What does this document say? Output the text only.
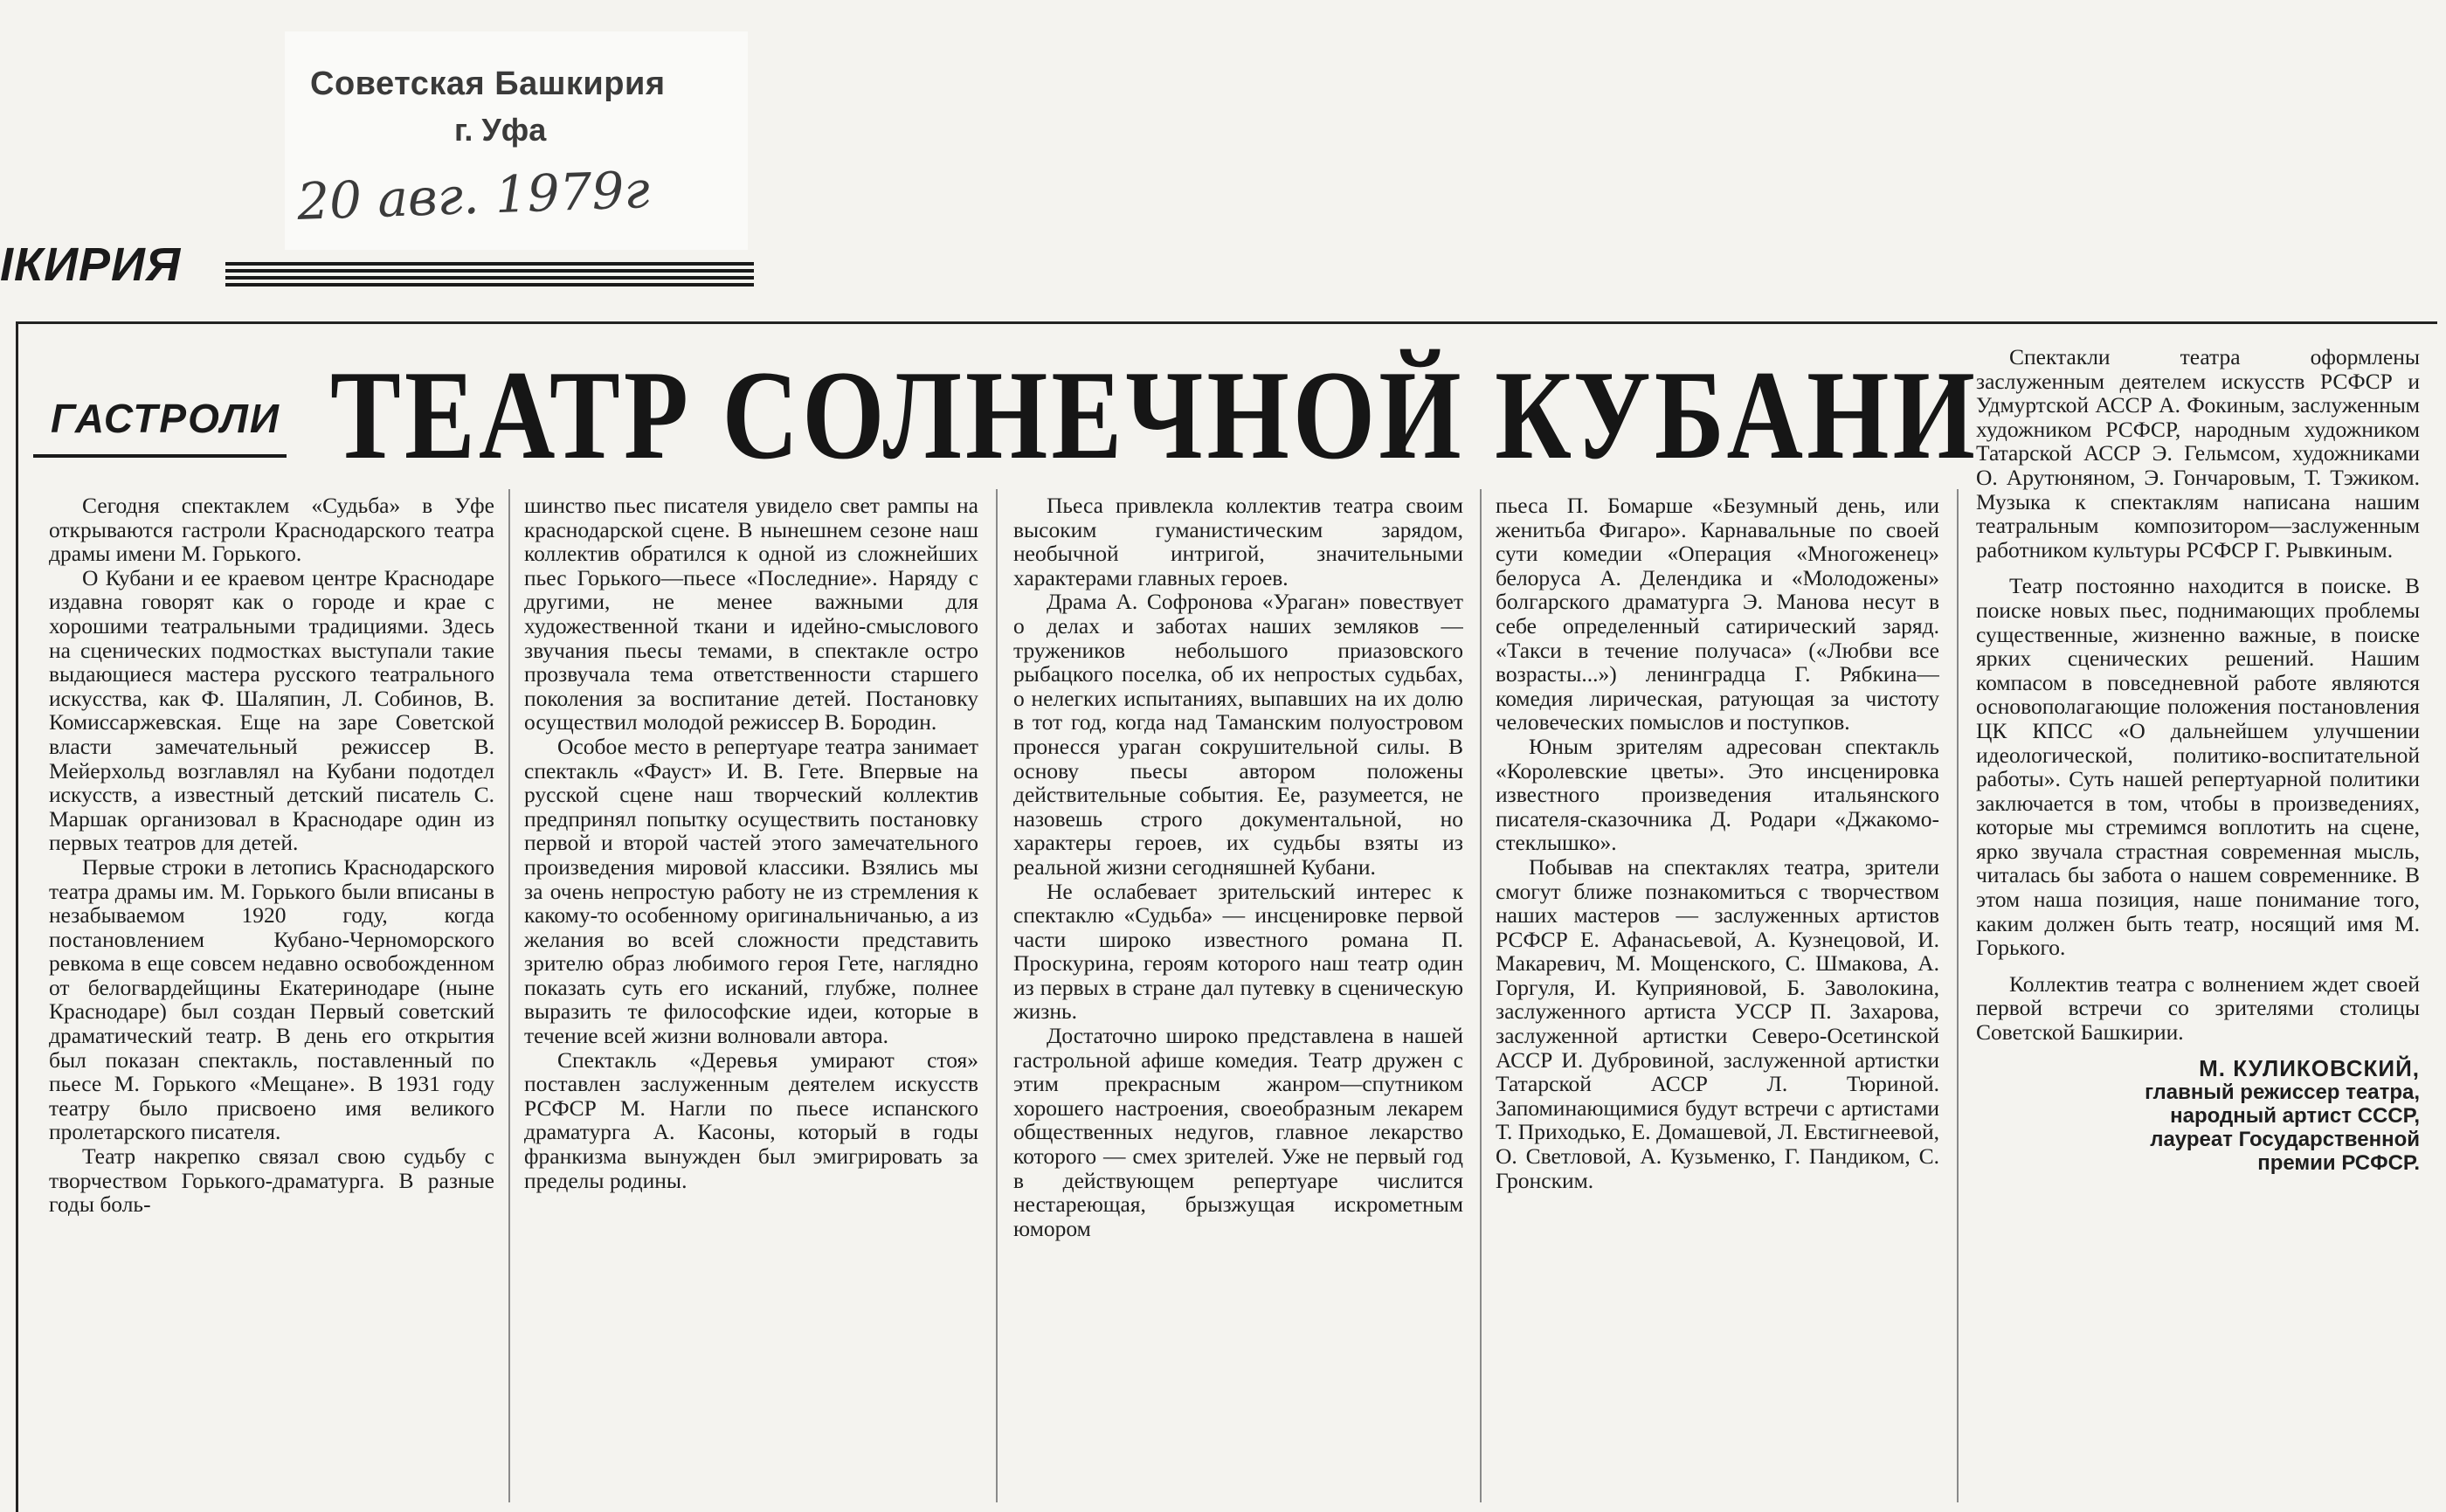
Советская Башкирия
г. Уфа
20 авг. 1979г
ІКИРИЯ
ГАСТРОЛИ ТЕАТР СОЛНЕЧНОЙ КУБАНИ

Сегодня спектаклем «Судьба» в Уфе открываются гастроли Краснодарского театра драмы имени М. Горького.

О Кубани и ее краевом центре Краснодаре издавна говорят как о городе и крае с хорошими театральными традициями. Здесь на сценических подмостках выступали такие выдающиеся мастера русского театрального искусства, как Ф. Шаляпин, Л. Собинов, В. Комиссаржевская. Еще на заре Советской власти замечательный режиссер В. Мейерхольд возглавлял на Кубани подотдел искусств, а известный детский писатель С. Маршак организовал в Краснодаре один из первых театров для детей.

Первые строки в летопись Краснодарского театра драмы им. М. Горького были вписаны в незабываемом 1920 году, когда постановлением Кубано-Черноморского ревкома в еще совсем недавно освобожденном от белогвардейщины Екатеринодаре (ныне Краснодаре) был создан Первый советский драматический театр. В день его открытия был показан спектакль, поставленный по пьесе М. Горького «Мещане». В 1931 году театру было присвоено имя великого пролетарского писателя.

Театр накрепко связал свою судьбу с творчеством Горького-драматурга. В разные годы боль-

шинство пьес писателя увидело свет рампы на краснодарской сцене. В нынешнем сезоне наш коллектив обратился к одной из сложнейших пьес Горького—пьесе «Последние». Наряду с другими, не менее важными для художественной ткани и идейно-смыслового звучания пьесы темами, в спектакле остро прозвучала тема ответственности старшего поколения за воспитание детей. Постановку осуществил молодой режиссер В. Бородин.

Особое место в репертуаре театра занимает спектакль «Фауст» И. В. Гете. Впервые на русской сцене наш творческий коллектив предпринял попытку осуществить постановку первой и второй частей этого замечательного произведения мировой классики. Взялись мы за очень непростую работу не из стремления к какому-то особенному оригинальничанью, а из желания во всей сложности представить зрителю образ любимого героя Гете, наглядно показать суть его исканий, глубже, полнее выразить те философские идеи, которые в течение всей жизни волновали автора.

Спектакль «Деревья умирают стоя» поставлен заслуженным деятелем искусств РСФСР М. Нагли по пьесе испанского драматурга А. Касоны, который в годы франкизма вынужден был эмигрировать за пределы родины.

Пьеса привлекла коллектив театра своим высоким гуманистическим зарядом, необычной интригой, значительными характерами главных героев.

Драма А. Софронова «Ураган» повествует о делах и заботах наших земляков — тружеников небольшого приазовского рыбацкого поселка, об их непростых судьбах, о нелегких испытаниях, выпавших на их долю в тот год, когда над Таманским полуостровом пронесся ураган сокрушительной силы. В основу пьесы автором положены действительные события. Ее, разумеется, не назовешь строго документальной, но характеры героев, их судьбы взяты из реальной жизни сегодняшней Кубани.

Не ослабевает зрительский интерес к спектаклю «Судьба» — инсценировке первой части широко известного романа П. Проскурина, героям которого наш театр один из первых в стране дал путевку в сценическую жизнь.

Достаточно широко представлена в нашей гастрольной афише комедия. Театр дружен с этим прекрасным жанром—спутником хорошего настроения, своеобразным лекарем общественных недугов, главное лекарство которого — смех зрителей. Уже не первый год в действующем репертуаре числится нестареющая, брызжущая искрометным юмором

пьеса П. Бомарше «Безумный день, или женитьба Фигаро». Карнавальные по своей сути комедии «Операция «Многоженец» белоруса А. Делендика и «Молодожены» болгарского драматурга Э. Манова несут в себе определенный сатирический заряд. «Такси в течение получаса» («Любви все возрасты...») ленинградца Г. Рябкина—комедия лирическая, ратующая за чистоту человеческих помыслов и поступков.

Юным зрителям адресован спектакль «Королевские цветы». Это инсценировка известного произведения итальянского писателя-сказочника Д. Родари «Джакомо-стеклышко».

Побывав на спектаклях театра, зрители смогут ближе познакомиться с творчеством наших мастеров — заслуженных артистов РСФСР Е. Афанасьевой, А. Кузнецовой, И. Макаревич, М. Мощенского, С. Шмакова, А. Горгуля, И. Куприяновой, Б. Заволокина, заслуженного артиста УССР П. Захарова, заслуженной артистки Северо-Осетинской АССР И. Дубровиной, заслуженной артистки Татарской АССР Л. Тюриной. Запоминающимися будут встречи с артистами Т. Приходько, Е. Домашевой, Л. Евстигнеевой, О. Светловой, А. Кузьменко, Г. Пандиком, С. Гронским.

Спектакли театра оформлены заслуженным деятелем искусств РСФСР и Удмуртской АССР А. Фокиным, заслуженным художником РСФСР, народным художником Татарской АССР Э. Гельмсом, художниками О. Арутюняном, Э. Гончаровым, Т. Тэжиком. Музыка к спектаклям написана нашим театральным композитором—заслуженным работником культуры РСФСР Г. Рывкиным.

Театр постоянно находится в поиске. В поиске новых пьес, поднимающих проблемы существенные, жизненно важные, в поиске ярких сценических решений. Нашим компасом в повседневной работе являются основополагающие положения постановления ЦК КПСС «О дальнейшем улучшении идеологической, политико-воспитательной работы». Суть нашей репертуарной политики заключается в том, чтобы в произведениях, которые мы стремимся воплотить на сцене, ярко звучала страстная современная мысль, читалась бы забота о нашем современнике. В этом наша позиция, наше понимание того, каким должен быть театр, носящий имя М. Горького.

Коллектив театра с волнением ждет своей первой встречи со зрителями столицы Советской Башкирии.

М. КУЛИКОВСКИЙ,
главный режиссер театра,
народный артист СССР,
лауреат Государственной
премии РСФСР.
